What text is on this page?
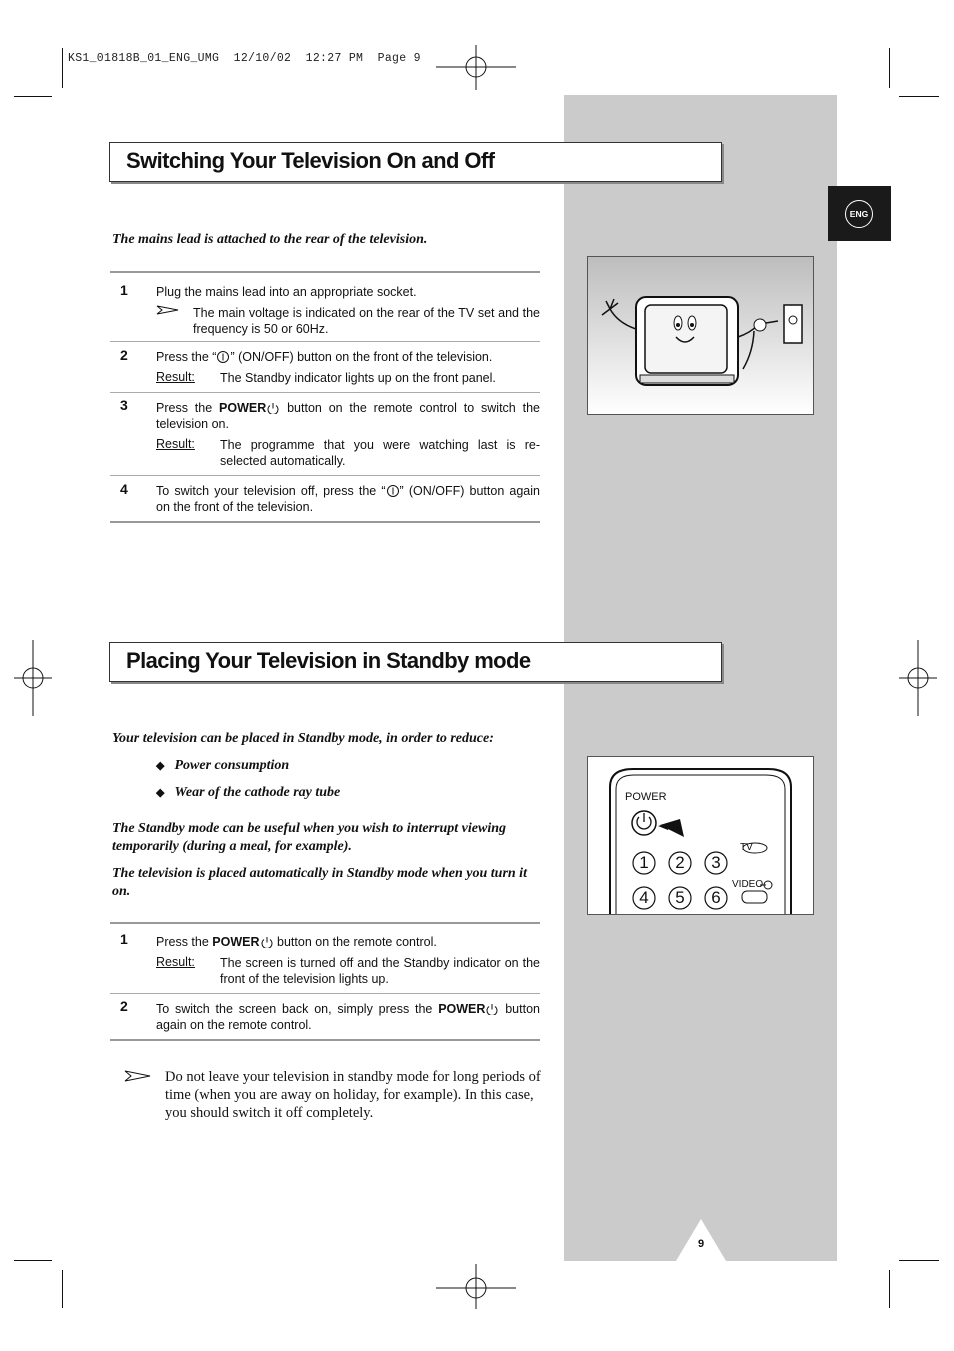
KS1_01818B_01_ENG_UMG  12/10/02  12:27 PM  Page 9
ENG
Switching Your Television On and Off
The mains lead is attached to the rear of the television.
1 Plug the mains lead into an appropriate socket.
The main voltage is indicated on the rear of the TV set and the frequency is 50 or 60Hz.
2 Press the “ ” (ON/OFF) button on the front of the television.
Result: The Standby indicator lights up on the front panel.
3 Press the POWER button on the remote control to switch the television on.
Result: The programme that you were watching last is re-selected automatically.
4 To switch your television off, press the “ ” (ON/OFF) button again on the front of the television.
Placing Your Television in Standby mode
Your television can be placed in Standby mode, in order to reduce:
◆ Power consumption
◆ Wear of the cathode ray tube
The Standby mode can be useful when you wish to interrupt viewing temporarily (during a meal, for example).
The television is placed automatically in Standby mode when you turn it on.
1 Press the POWER button on the remote control.
Result: The screen is turned off and the Standby indicator on the front of the television lights up.
2 To switch the screen back on, simply press the POWER button again on the remote control.
Do not leave your television in standby mode for long periods of time (when you are away on holiday, for example). In this case, you should switch it off completely.
POWER
TV
VIDEO
1	2	3
4	5	6
9
